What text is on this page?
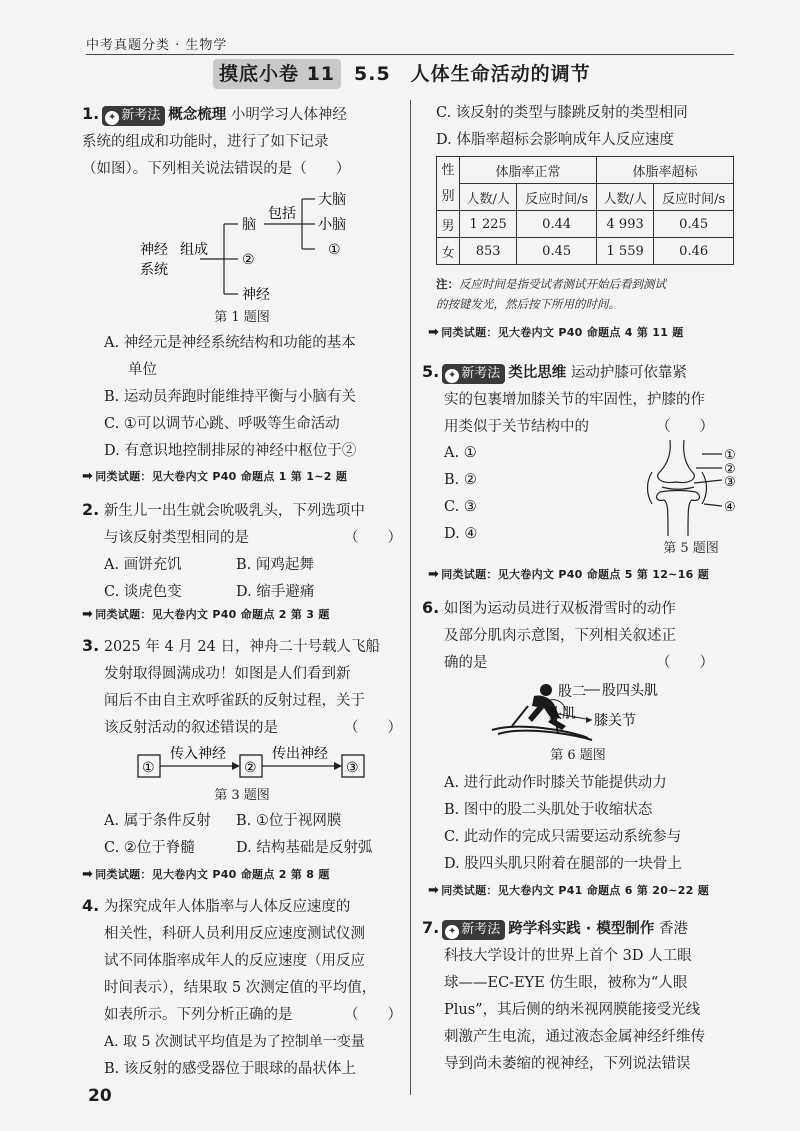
中考真题分类 · 生物学
摸底小卷 11 5.5　人体生命活动的调节

1. ✦ 新考法 概念梳理 小明学习人体神经

系统的组成和功能时，进行了如下记录

（如图）。下列相关说法错误的是（　　）

神经
系统
组成
脑
包括
大脑
小脑
①
②
神经
第 1 题图

A. 神经元是神经系统结构和功能的基本

单位

B. 运动员奔跑时能维持平衡与小脑有关

C. ①可以调节心跳、呼吸等生命活动

D. 有意识地控制排尿的神经中枢位于②

➡ 同类试题：见大卷内文 P40 命题点 1 第 1~2 题

2. 新生儿一出生就会吮吸乳头，下列选项中

与该反射类型相同的是	（　　）

A. 画饼充饥	B. 闻鸡起舞

C. 谈虎色变	D. 缩手避痛

➡ 同类试题：见大卷内文 P40 命题点 2 第 3 题

3. 2025 年 4 月 24 日，神舟二十号载人飞船

发射取得圆满成功！如图是人们看到新

闻后不由自主欢呼雀跃的反射过程，关于

该反射活动的叙述错误的是	（　　）

①	②	③
传入神经	传出神经
第 3 题图

A. 属于条件反射 B. ①位于视网膜

C. ②位于脊髓	D. 结构基础是反射弧

➡ 同类试题：见大卷内文 P40 命题点 2 第 8 题

4. 为探究成年人体脂率与人体反应速度的

相关性，科研人员利用反应速度测试仪测

试不同体脂率成年人的反应速度（用反应

时间表示），结果取 5 次测定值的平均值，

如表所示。下列分析正确的是	（　　）

A. 取 5 次测试平均值是为了控制单一变量

B. 该反射的感受器位于眼球的晶状体上

C. 该反射的类型与膝跳反射的类型相同

D. 体脂率超标会影响成年人反应速度

性别	体脂率正常		体脂率超标	
	人数/人	反应时间/s	人数/人	反应时间/s
男	1 225	0.44	4 993	0.45
女	853	0.45	1 559	0.46
注：反应时间是指受试者测试开始后看到测试
的按键发光，然后按下所用的时间。
➡ 同类试题：见大卷内文 P40 命题点 4 第 11 题

5. ✦ 新考法 类比思维 运动护膝可依靠紧

实的包裹增加膝关节的牢固性，护膝的作

用类似于关节结构中的	（　　）

A. ①

B. ②

C. ③

D. ④

①
②
③
④
第 5 题图
➡ 同类试题：见大卷内文 P40 命题点 5 第 12~16 题

6. 如图为运动员进行双板滑雪时的动作

及部分肌肉示意图，下列相关叙述正

确的是	（　　）

股二
头肌
股四头肌
膝关节
第 6 题图

A. 进行此动作时膝关节能提供动力

B. 图中的股二头肌处于收缩状态

C. 此动作的完成只需要运动系统参与

D. 股四头肌只附着在腿部的一块骨上

➡ 同类试题：见大卷内文 P41 命题点 6 第 20~22 题

7. ✦ 新考法 跨学科实践 · 模型制作 香港

科技大学设计的世界上首个 3D 人工眼

球——EC-EYE 仿生眼，被称为“人眼

Plus”，其后侧的纳米视网膜能接受光线

刺激产生电流，通过液态金属神经纤维传

导到尚未萎缩的视神经，下列说法错误

20
